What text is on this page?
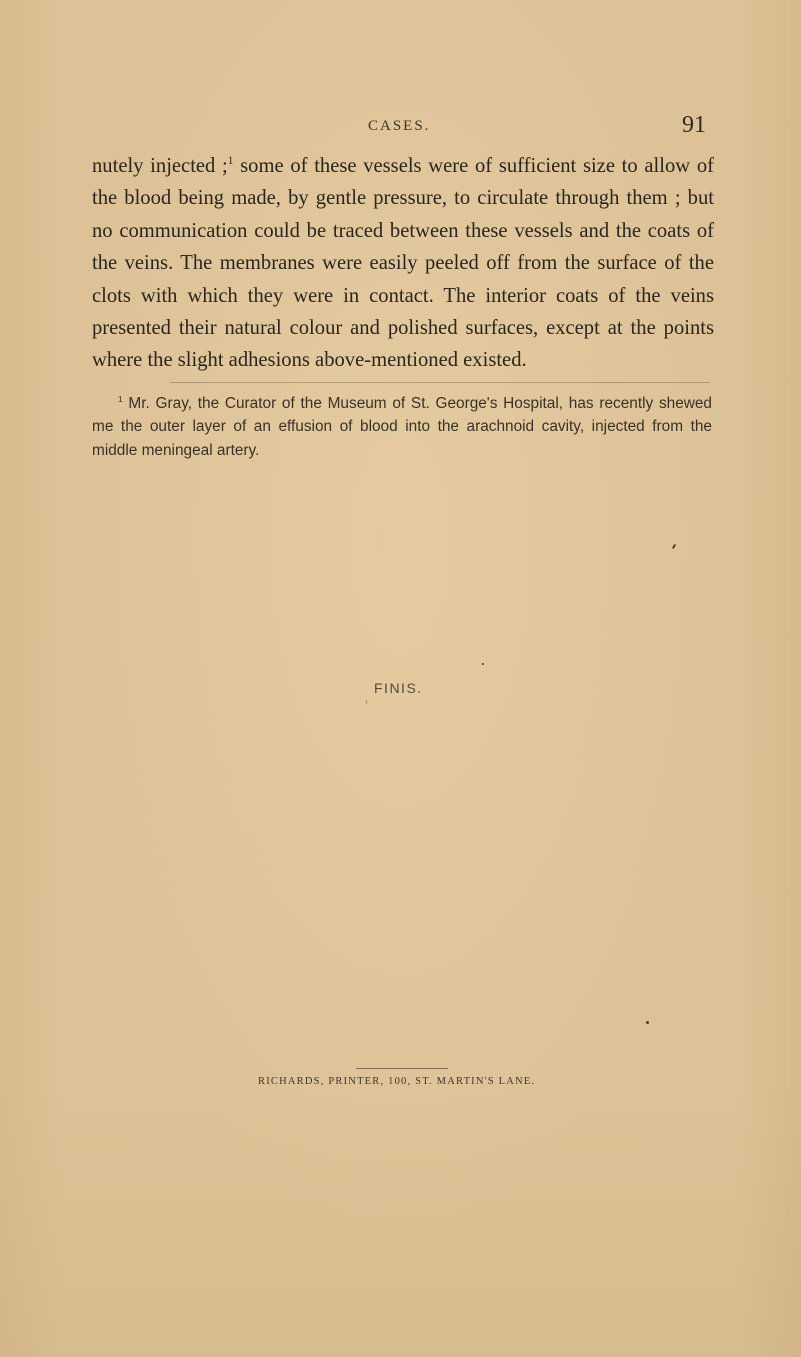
CASES.	91

nutely injected ;$^1$ some of these vessels were of sufficient size to allow of the blood being made, by gentle pressure, to circulate through them ; but no communication could be traced between these vessels and the coats of the veins. The membranes were easily peeled off from the surface of the clots with which they were in contact. The interior coats of the veins presented their natural colour and polished surfaces, except at the points where the slight adhesions above-mentioned existed.

$^1$ Mr. Gray, the Curator of the Museum of St. George's Hospital, has recently shewed me the outer layer of an effusion of blood into the arachnoid cavity, injected from the middle meningeal artery.

FINIS.
RICHARDS, PRINTER, 100, ST. MARTIN'S LANE.
